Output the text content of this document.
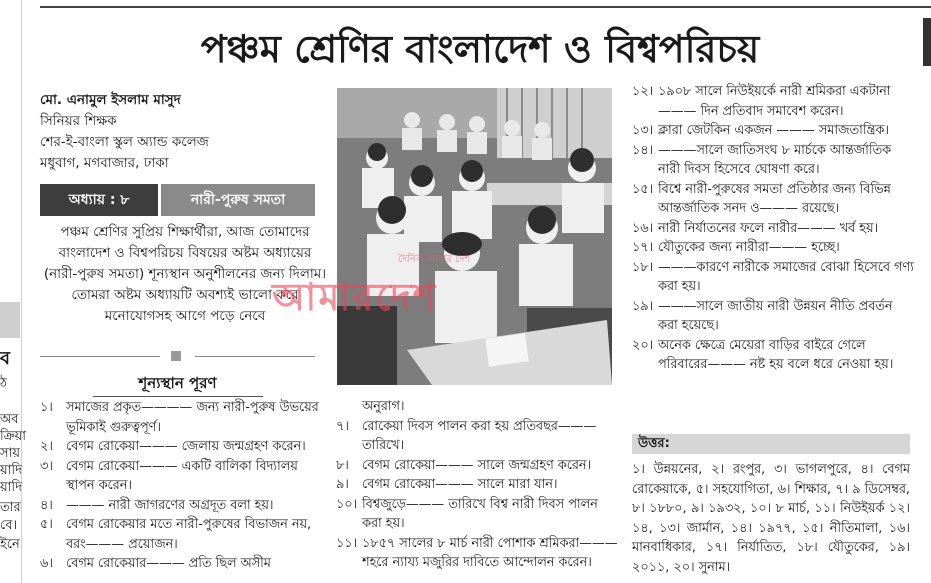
ব
ঠ
অব
ক্রিয়া
সায়
য়াদি
য়াদি
তার
বে।
ইনে
পঞ্চম শ্রেণির বাংলাদেশ ও বিশ্বপরিচয়
মো. এনামুল ইসলাম মাসুদ
সিনিয়র শিক্ষক
শের-ই-বাংলা স্কুল অ্যান্ড কলেজ
মধুবাগ, মগবাজার, ঢাকা
অধ্যায় : ৮	নারী-পুরুষ সমতা

পঞ্চম শ্রেণির সুপ্রিয় শিক্ষার্থীরা, আজ তোমাদের বাংলাদেশ ও বিশ্বপরিচয় বিষয়ের অষ্টম অধ্যায়ের (নারী-পুরুষ সমতা) শূন্যস্থান অনুশীলনের জন্য দিলাম। তোমরা অষ্টম অধ্যায়টি অবশ্যই ভালো করে মনোযোগসহ আগে পড়ে নেবে

শূন্যস্থান পূরণ
১।	সমাজের প্রকৃত———— জন্য নারী-পুরুষ উভয়ের ভূমিকাই গুরুত্বপূর্ণ।
২।	বেগম রোকেয়া——— জেলায় জন্মগ্রহণ করেন।
৩।	বেগম রোকেয়া——— একটি বালিকা বিদ্যালয় স্থাপন করেন।
৪।	——— নারী জাগরণের অগ্রদূত বলা হয়।
৫।	বেগম রোকেয়ার মতে নারী-পুরুষের বিভাজন নয়, বরং——— প্রয়োজন।
৬।	বেগম রোকেয়ার——— প্রতি ছিল অসীম
দৈনিক আমার দেশ
আমারদেশ
অনুরাগ।
৭।	রোকেয়া দিবস পালন করা হয় প্রতিবছর——— তারিখে।
৮।	বেগম রোকেয়া——— সালে জন্মগ্রহণ করেন।
৯।	বেগম রোকেয়া——— সালে মারা যান।
১০। বিশ্বজুড়ে——— তারিখে বিশ্ব নারী দিবস পালন করা হয়।
১১। ১৮৫৭ সালের ৮ মার্চ নারী পোশাক শ্রমিকরা——— শহরে ন্যায্য মজুরির দাবিতে আন্দোলন করেন।
১২। ১৯০৮ সালে নিউইয়র্কে নারী শ্রমিকরা একটানা——— দিন প্রতিবাদ সমাবেশ করেন।
১৩। ক্লারা জেটকিন একজন ——— সমাজতান্ত্রিক।
১৪। ———সালে জাতিসংঘ ৮ মার্চকে আন্তর্জাতিক নারী দিবস হিসেবে ঘোষণা করে।
১৫। বিশ্বে নারী-পুরুষের সমতা প্রতিষ্ঠার জন্য বিভিন্ন আন্তর্জাতিক সনদ ও——— রয়েছে।
১৬। নারী নির্যাতনের ফলে নারীর——— খর্ব হয়।
১৭। যৌতুকের জন্য নারীরা——— হচ্ছে।
১৮। ———কারণে নারীকে সমাজের বোঝা হিসেবে গণ্য করা হয়।
১৯। ———সালে জাতীয় নারী উন্নয়ন নীতি প্রবর্তন করা হয়েছে।
২০। অনেক ক্ষেত্রে মেয়েরা বাড়ির বাইরে গেলে পরিবারের——— নষ্ট হয় বলে ধরে নেওয়া হয়।
উত্তর:

১। উন্নয়নের, ২। রংপুর, ৩। ভাগলপুরে, ৪। বেগম রোকেয়াকে, ৫। সহযোগিতা, ৬। শিক্ষার, ৭। ৯ ডিসেম্বর, ৮। ১৮৮০, ৯। ১৯৩২, ১০। ৮ মার্চ, ১১। নিউইয়র্ক ১২। ১৪, ১৩। জার্মান, ১৪। ১৯৭৭, ১৫। নীতিমালা, ১৬। মানবাধিকার, ১৭। নির্যাতিত, ১৮। যৌতুকের, ১৯। ২০১১, ২০। সুনাম।
